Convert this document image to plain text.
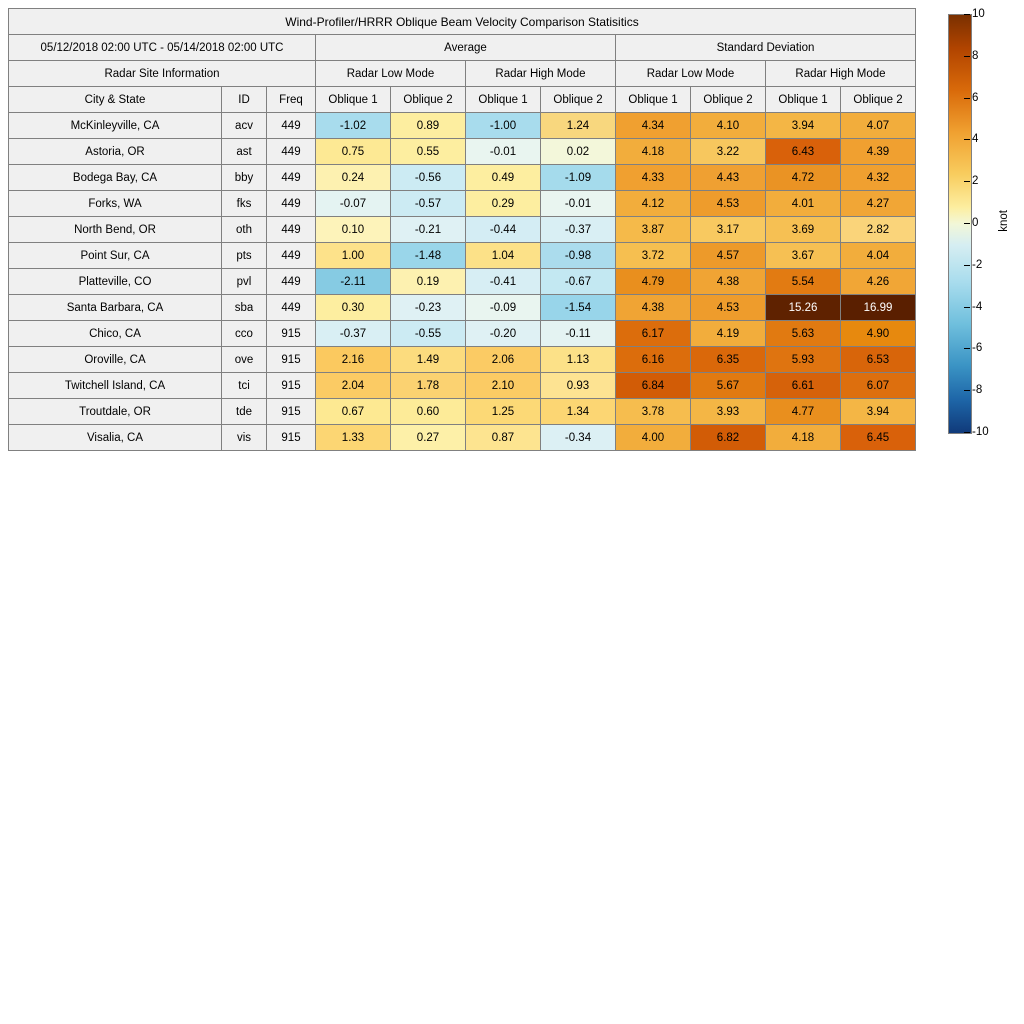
Wind-Profiler/HRRR Oblique Beam Velocity Comparison Statisitics										
05/12/2018 02:00 UTC - 05/14/2018 02:00 UTC			Average				Standard Deviation			
Radar Site Information			Radar Low Mode		Radar High Mode		Radar Low Mode		Radar High Mode	
City & State	ID	Freq	Oblique 1	Oblique 2	Oblique 1	Oblique 2	Oblique 1	Oblique 2	Oblique 1	Oblique 2
McKinleyville, CA	acv	449	-1.02	0.89	-1.00	1.24	4.34	4.10	3.94	4.07
Astoria, OR	ast	449	0.75	0.55	-0.01	0.02	4.18	3.22	6.43	4.39
Bodega Bay, CA	bby	449	0.24	-0.56	0.49	-1.09	4.33	4.43	4.72	4.32
Forks, WA	fks	449	-0.07	-0.57	0.29	-0.01	4.12	4.53	4.01	4.27
North Bend, OR	oth	449	0.10	-0.21	-0.44	-0.37	3.87	3.17	3.69	2.82
Point Sur, CA	pts	449	1.00	-1.48	1.04	-0.98	3.72	4.57	3.67	4.04
Platteville, CO	pvl	449	-2.11	0.19	-0.41	-0.67	4.79	4.38	5.54	4.26
Santa Barbara, CA	sba	449	0.30	-0.23	-0.09	-1.54	4.38	4.53	15.26	16.99
Chico, CA	cco	915	-0.37	-0.55	-0.20	-0.11	6.17	4.19	5.63	4.90
Oroville, CA	ove	915	2.16	1.49	2.06	1.13	6.16	6.35	5.93	6.53
Twitchell Island, CA	tci	915	2.04	1.78	2.10	0.93	6.84	5.67	6.61	6.07
Troutdale, OR	tde	915	0.67	0.60	1.25	1.34	3.78	3.93	4.77	3.94
Visalia, CA	vis	915	1.33	0.27	0.87	-0.34	4.00	6.82	4.18	6.45
10
8
6
4
2
0
-2
-4
-6
-8
-10
knot
